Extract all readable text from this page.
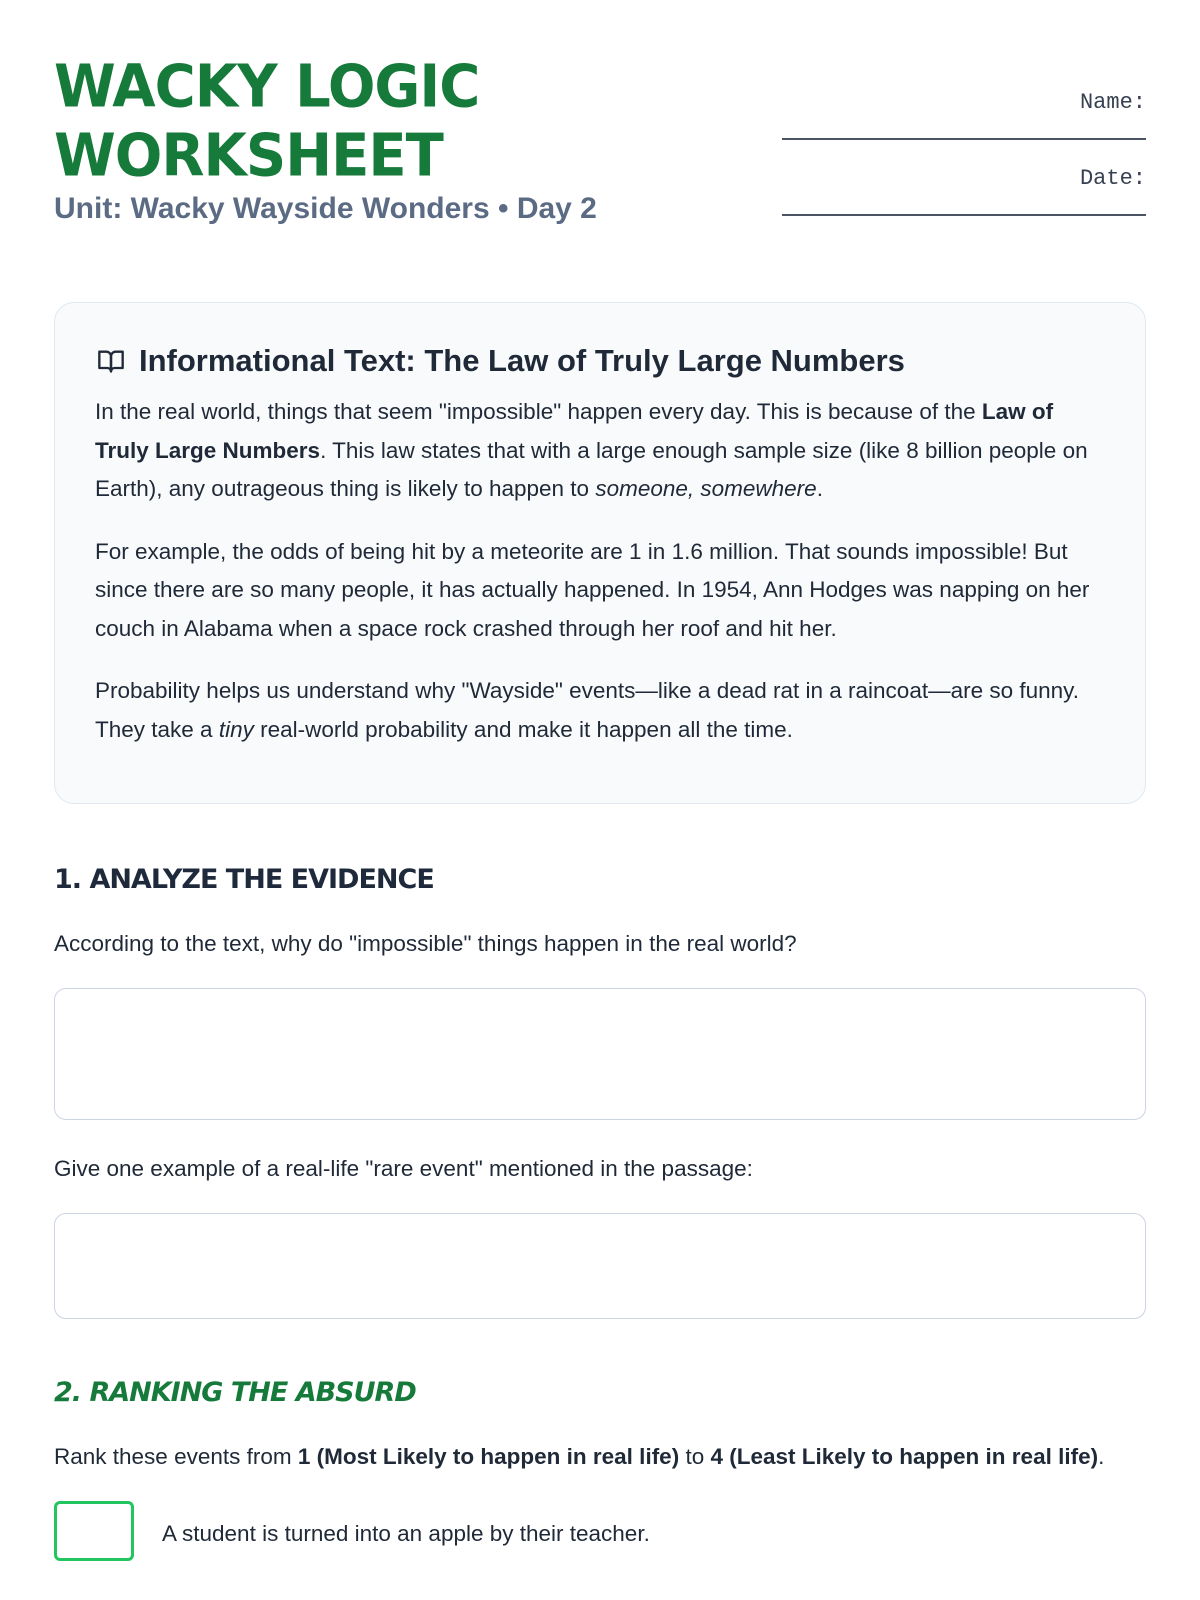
WACKY LOGIC
WORKSHEET
Unit: Wacky Wayside Wonders • Day 2
Name:
Date:
Informational Text: The Law of Truly Large Numbers

In the real world, things that seem "impossible" happen every day. This is because of the Law of Truly Large Numbers. This law states that with a large enough sample size (like 8 billion people on Earth), any outrageous thing is likely to happen to someone, somewhere.

For example, the odds of being hit by a meteorite are 1 in 1.6 million. That sounds impossible! But since there are so many people, it has actually happened. In 1954, Ann Hodges was napping on her couch in Alabama when a space rock crashed through her roof and hit her.

Probability helps us understand why "Wayside" events—like a dead rat in a raincoat—are so funny. They take a tiny real-world probability and make it happen all the time.

1. ANALYZE THE EVIDENCE
According to the text, why do "impossible" things happen in the real world?
Give one example of a real-life "rare event" mentioned in the passage:
2. RANKING THE ABSURD
Rank these events from 1 (Most Likely to happen in real life) to 4 (Least Likely to happen in real life).
A student is turned into an apple by their teacher.
